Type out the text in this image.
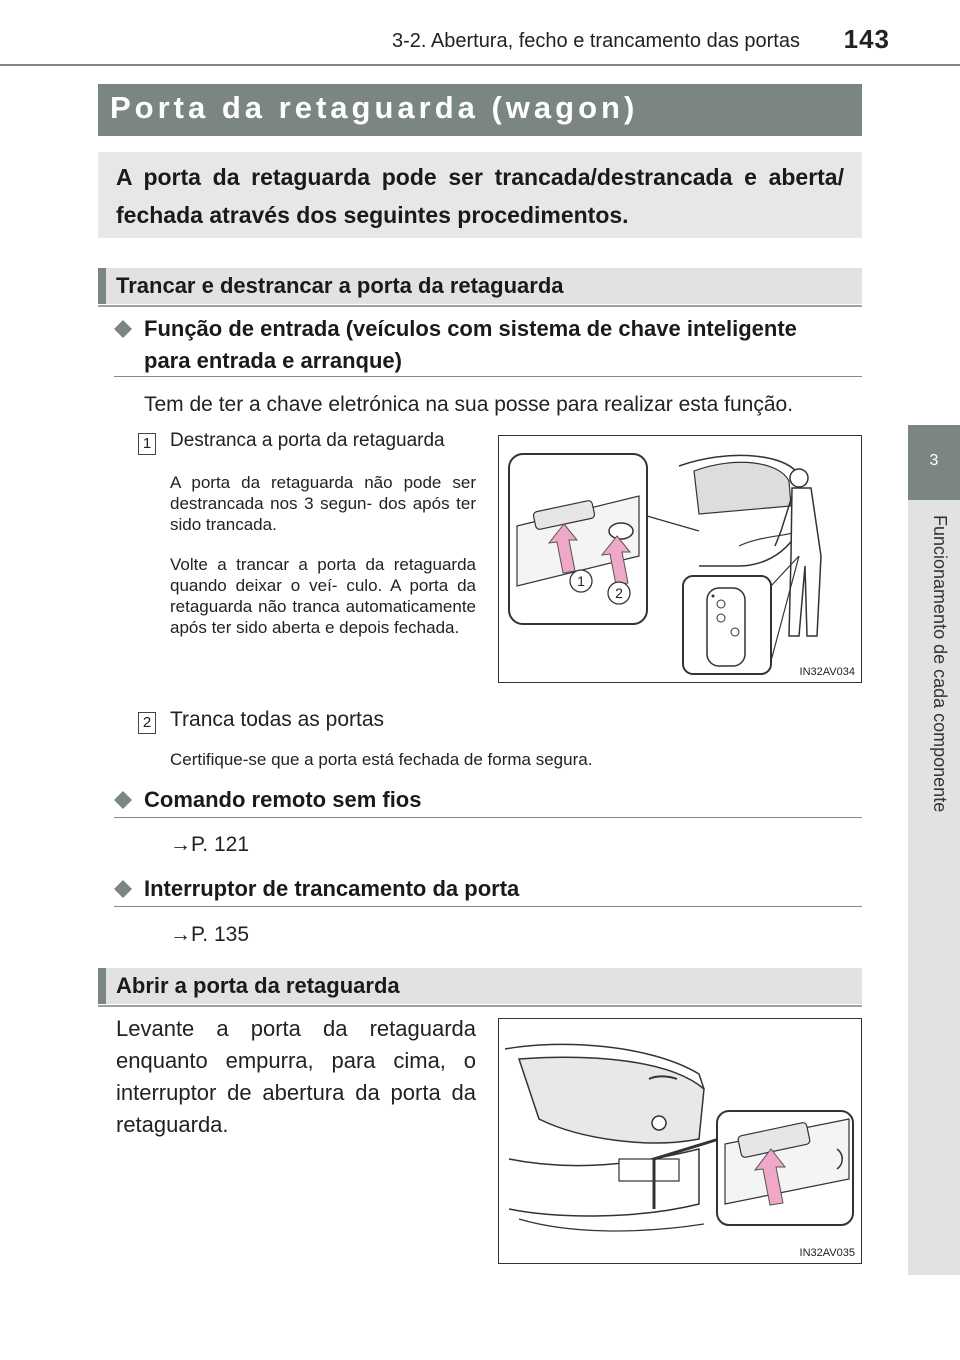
3-2. Abertura, fecho e trancamento das portas	143
3
Funcionamento de cada componente
Porta da retaguarda (wagon)
A porta da retaguarda pode ser trancada/destrancada e aberta/ fechada através dos seguintes procedimentos.
Trancar e destrancar a porta da retaguarda
Função de entrada (veículos com sistema de chave inteligente
para entrada e arranque)
Tem de ter a chave eletrónica na sua posse para realizar esta função.
1 Destranca a porta da retaguarda
A porta da retaguarda não pode ser destrancada nos 3 segun- dos após ter sido trancada.
Volte a trancar a porta da retaguarda quando deixar o veí- culo. A porta da retaguarda não tranca automaticamente após ter sido aberta e depois fechada.
1
2
IN32AV034
2 Tranca todas as portas
Certifique-se que a porta está fechada de forma segura.
Comando remoto sem fios
→P. 121
Interruptor de trancamento da porta
→P. 135
Abrir a porta da retaguarda
Levante a porta da retaguarda enquanto empurra, para cima, o interruptor de abertura da porta da retaguarda.
IN32AV035
